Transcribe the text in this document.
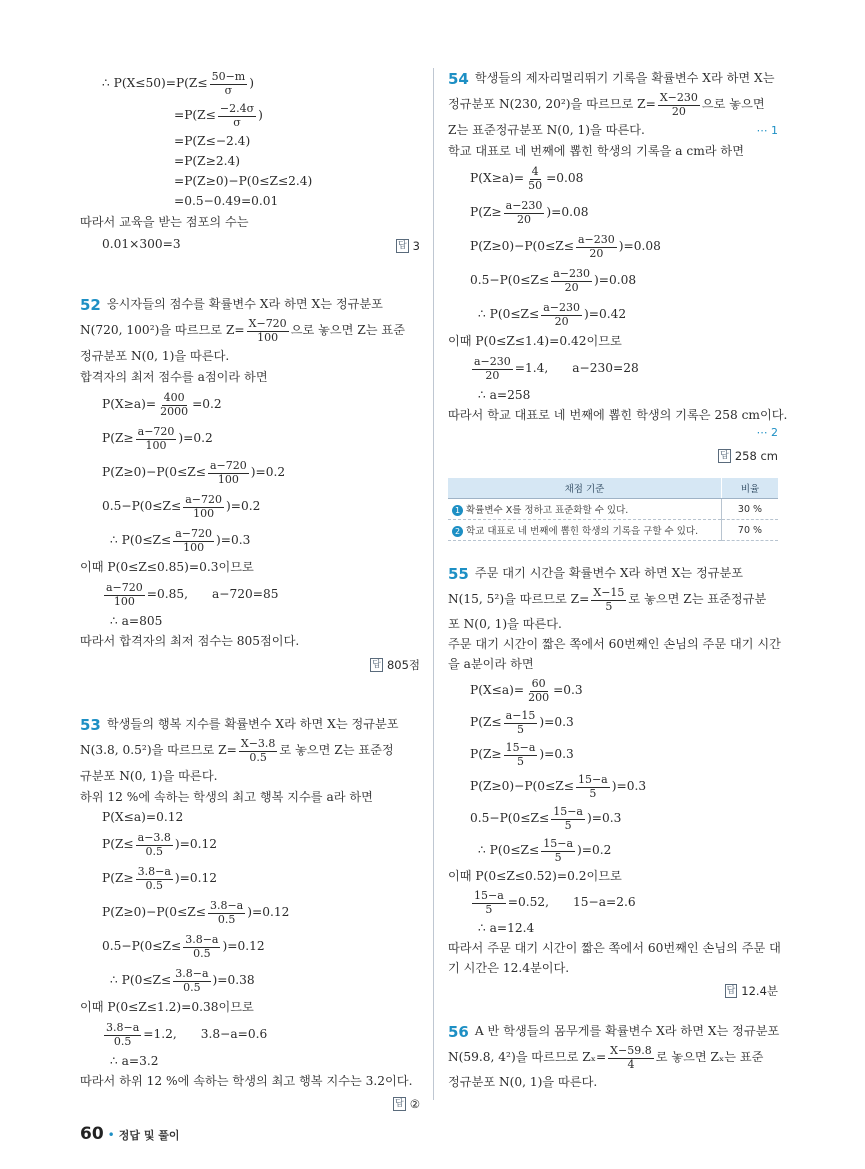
∴ $P(X\le 50)=P(Z\le \frac{50-m}{\sigma}$ )
$=P(Z\le \frac{-2.4\sigma}{\sigma}$ )
=P(Z≤−2.4)
=P(Z≥2.4)
=P(Z≥0)−P(0≤Z≤2.4)
=0.5−0.49=0.01
따라서 교육을 받는 점포의 수는
0.01×300=3	답 3
52 응시자들의 점수를 확률변수 X라 하면 X는 정규분포
N(720, 100²)을 따르므로 $Z= \frac{X-720}{100}$ 으로 놓으면 Z는 표준
정규분포 N(0, 1)을 따른다.
합격자의 최저 점수를 a점이라 하면
$P(X\ge a)= \frac{400}{2000} =0.2$
$P(Z\ge \frac{a-720}{100} )=0.2$
$P(Z\ge 0)-P(0\le Z\le \frac{a-720}{100} )=0.2$
$0.5-P(0\le Z\le \frac{a-720}{100} )=0.2$
∴ $P(0\le Z\le \frac{a-720}{100} )=0.3$
이때 P(0≤Z≤0.85)=0.3이므로
$\frac{a-720}{100} =0.85$, a−720=85
∴ a=805
따라서 합격자의 최저 점수는 805점이다.
답 805점
53 학생들의 행복 지수를 확률변수 X라 하면 X는 정규분포
N(3.8, 0.5²)을 따르므로 $Z= \frac{X-3.8}{0.5}$ 로 놓으면 Z는 표준정
규분포 N(0, 1)을 따른다.
하위 12 %에 속하는 학생의 최고 행복 지수를 a라 하면
P(X≤a)=0.12
$P(Z\le \frac{a-3.8}{0.5} )=0.12$
$P(Z\ge \frac{3.8-a}{0.5} )=0.12$
$P(Z\ge 0)-P(0\le Z\le \frac{3.8-a}{0.5} )=0.12$
$0.5-P(0\le Z\le \frac{3.8-a}{0.5} )=0.12$
∴ $P(0\le Z\le \frac{3.8-a}{0.5} )=0.38$
이때 P(0≤Z≤1.2)=0.38이므로
$\frac{3.8-a}{0.5} =1.2$, 3.8−a=0.6
∴ a=3.2
따라서 하위 12 %에 속하는 학생의 최고 행복 지수는 3.2이다.
답 ②
54 학생들의 제자리멀리뛰기 기록을 확률변수 X라 하면 X는
정규분포 N(230, 20²)을 따르므로 $Z= \frac{X-230}{20}$ 으로 놓으면
Z는 표준정규분포 N(0, 1)을 따른다.	⋯ 1
학교 대표로 네 번째에 뽑힌 학생의 기록을 a cm라 하면
$P(X\ge a)= \frac{4}{50} =0.08$
$P(Z\ge \frac{a-230}{20} )=0.08$
$P(Z\ge 0)-P(0\le Z\le \frac{a-230}{20} )=0.08$
$0.5-P(0\le Z\le \frac{a-230}{20} )=0.08$
∴ $P(0\le Z\le \frac{a-230}{20} )=0.42$
이때 P(0≤Z≤1.4)=0.42이므로
$\frac{a-230}{20} =1.4$, a−230=28
∴ a=258
따라서 학교 대표로 네 번째에 뽑힌 학생의 기록은 258 cm이다.
⋯ 2
답 258 cm
채점 기준	비율
1 확률변수 X를 정하고 표준화할 수 있다.	30 %
2 학교 대표로 네 번째에 뽑힌 학생의 기록을 구할 수 있다.	70 %
55 주문 대기 시간을 확률변수 X라 하면 X는 정규분포
N(15, 5²)을 따르므로 $Z= \frac{X-15}{5}$ 로 놓으면 Z는 표준정규분
포 N(0, 1)을 따른다.
주문 대기 시간이 짧은 쪽에서 60번째인 손님의 주문 대기 시간
을 a분이라 하면
$P(X\le a)= \frac{60}{200} =0.3$
$P(Z\le \frac{a-15}{5} )=0.3$
$P(Z\ge \frac{15-a}{5} )=0.3$
$P(Z\ge 0)-P(0\le Z\le \frac{15-a}{5} )=0.3$
$0.5-P(0\le Z\le \frac{15-a}{5} )=0.3$
∴ $P(0\le Z\le \frac{15-a}{5} )=0.2$
이때 P(0≤Z≤0.52)=0.2이므로
$\frac{15-a}{5} =0.52$, 15−a=2.6
∴ a=12.4
따라서 주문 대기 시간이 짧은 쪽에서 60번째인 손님의 주문 대
기 시간은 12.4분이다.
답 12.4분
56 A 반 학생들의 몸무게를 확률변수 X라 하면 X는 정규분포
N(59.8, 4²)을 따르므로 $Z_x= \frac{X-59.8}{4}$ 로 놓으면 Zₓ는 표준
정규분포 N(0, 1)을 따른다.
60 • 정답 및 풀이
